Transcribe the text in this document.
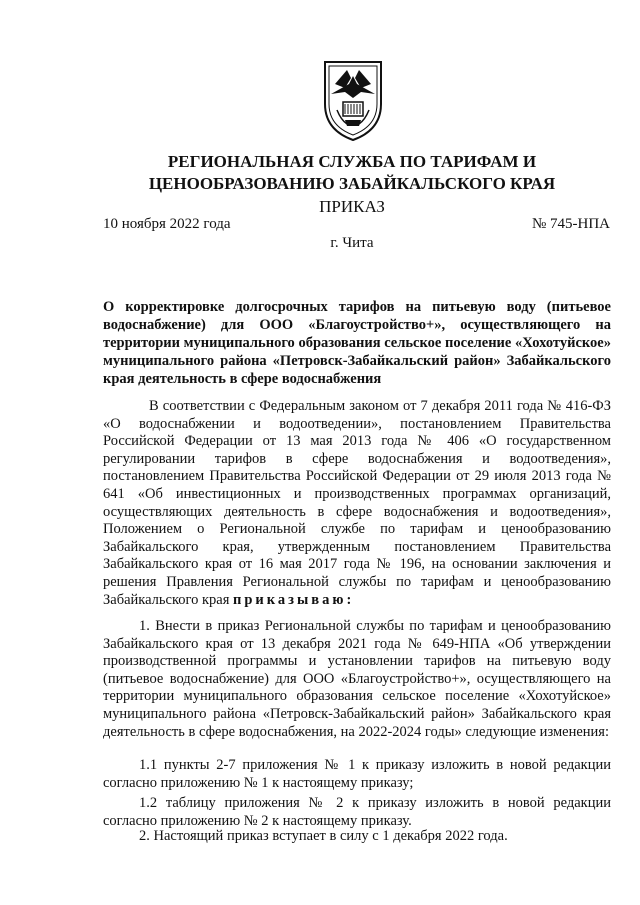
РЕГИОНАЛЬНАЯ СЛУЖБА ПО ТАРИФАМ И
ЦЕНООБРАЗОВАНИЮ ЗАБАЙКАЛЬСКОГО КРАЯ
ПРИКАЗ
10 ноября 2022 года	№ 745-НПА
г. Чита
О корректировке долгосрочных тарифов на питьевую воду (питьевое водоснабжение) для ООО «Благоустройство+», осуществляющего на территории муниципального образования сельское поселение «Хохотуйское» муниципального района «Петровск-Забайкальский район» Забайкальского края деятельность в сфере водоснабжения
В соответствии с Федеральным законом от 7 декабря 2011 года № 416-ФЗ «О водоснабжении и водоотведении», постановлением Правительства Российской Федерации от 13 мая 2013 года № 406 «О государственном регулировании тарифов в сфере водоснабжения и водоотведения», постановлением Правительства Российской Федерации от 29 июля 2013 года № 641 «Об инвестиционных и производственных программах организаций, осуществляющих деятельность в сфере водоснабжения и водоотведения», Положением о Региональной службе по тарифам и ценообразованию Забайкальского края, утвержденным постановлением Правительства Забайкальского края от 16 мая 2017 года № 196, на основании заключения и решения Правления Региональной службы по тарифам и ценообразованию Забайкальского края приказываю:
1. Внести в приказ Региональной службы по тарифам и ценообразованию Забайкальского края от 13 декабря 2021 года № 649-НПА «Об утверждении производственной программы и установлении тарифов на питьевую воду (питьевое водоснабжение) для ООО «Благоустройство+», осуществляющего на территории муниципального образования сельское поселение «Хохотуйское» муниципального района «Петровск-Забайкальский район» Забайкальского края деятельность в сфере водоснабжения, на 2022-2024 годы» следующие изменения:
1.1 пункты 2-7 приложения № 1 к приказу изложить в новой редакции согласно приложению № 1 к настоящему приказу;
1.2 таблицу приложения № 2 к приказу изложить в новой редакции согласно приложению № 2 к настоящему приказу.
2. Настоящий приказ вступает в силу с 1 декабря 2022 года.
